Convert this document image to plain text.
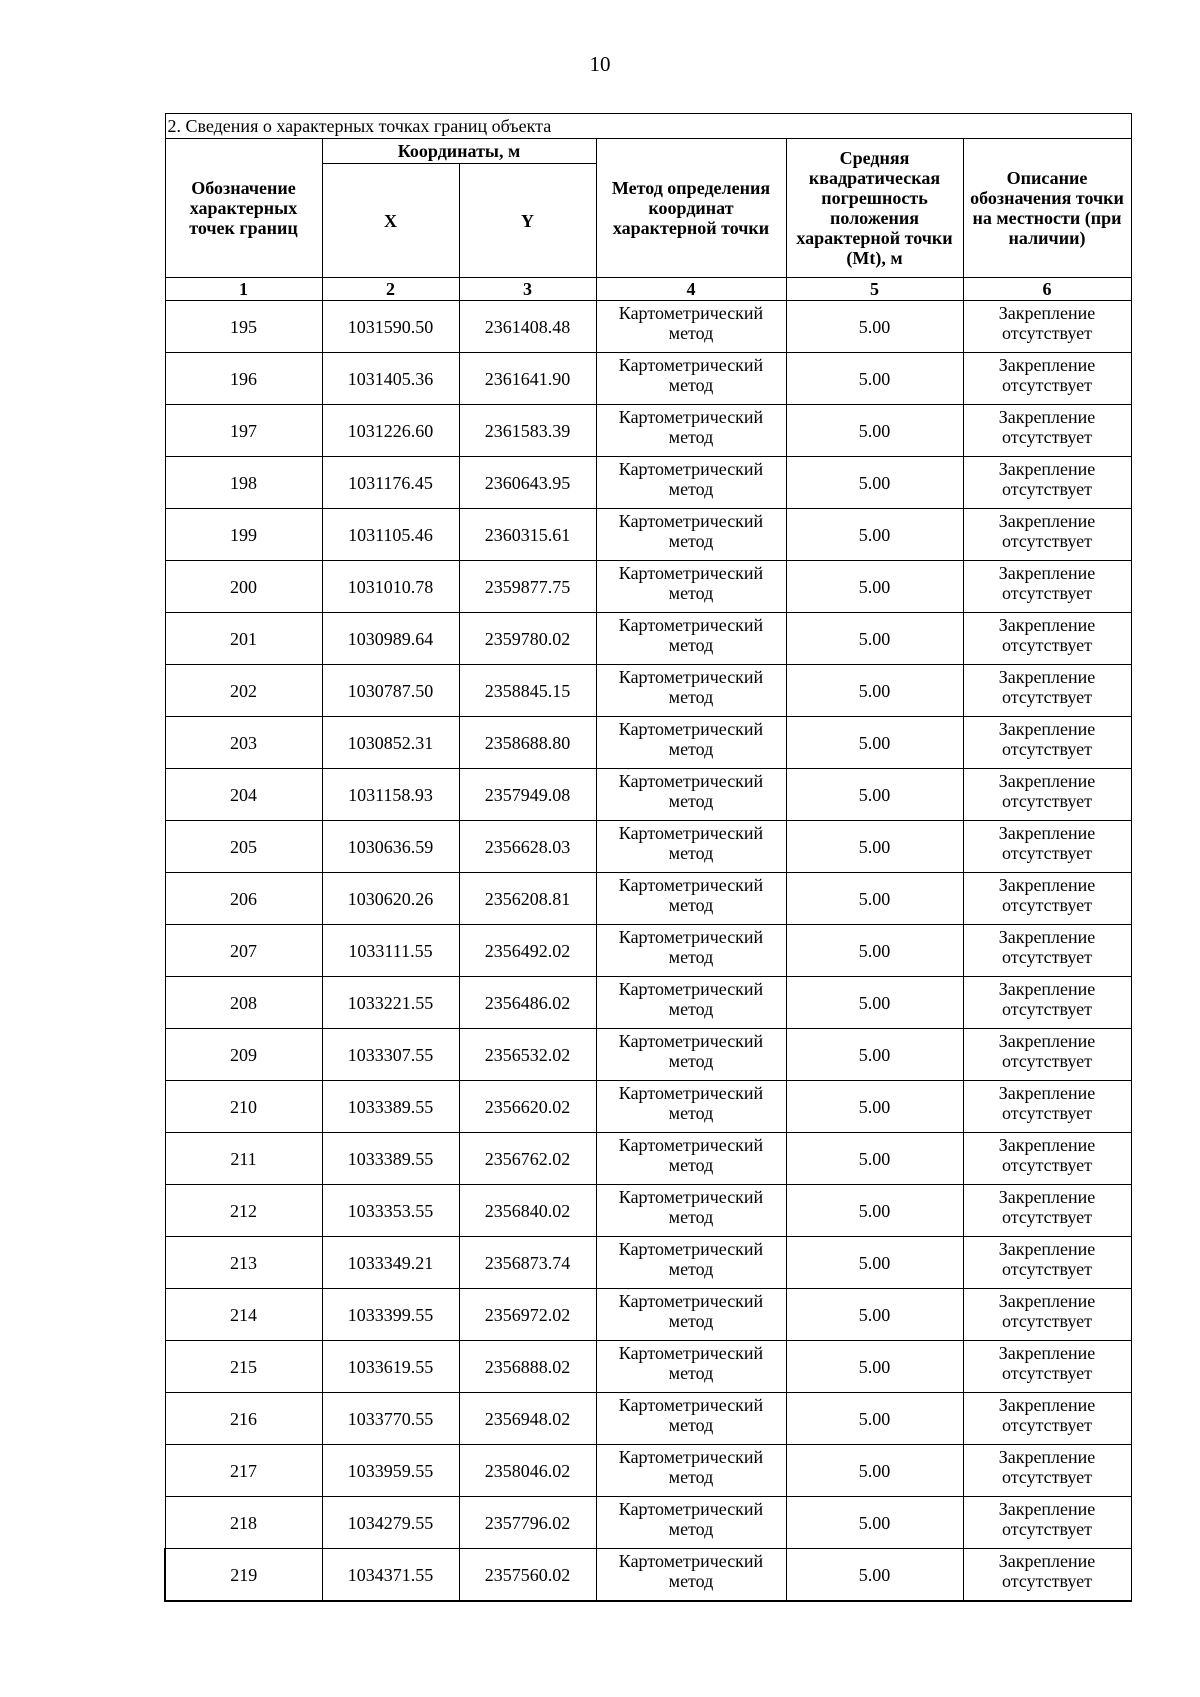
10
2. Сведения о характерных точках границ объекта					
Обозначение характерных точек границ	Координаты, м		Метод определения координат характерной точки	Средняя квадратическая погрешность положения характерной точки (Mt), м	Описание обозначения точки на местности (при наличии)
	X	Y			
1	2	3	4	5	6
195	1031590.50	2361408.48	Картометрический метод	5.00	Закрепление отсутствует
196	1031405.36	2361641.90	Картометрический метод	5.00	Закрепление отсутствует
197	1031226.60	2361583.39	Картометрический метод	5.00	Закрепление отсутствует
198	1031176.45	2360643.95	Картометрический метод	5.00	Закрепление отсутствует
199	1031105.46	2360315.61	Картометрический метод	5.00	Закрепление отсутствует
200	1031010.78	2359877.75	Картометрический метод	5.00	Закрепление отсутствует
201	1030989.64	2359780.02	Картометрический метод	5.00	Закрепление отсутствует
202	1030787.50	2358845.15	Картометрический метод	5.00	Закрепление отсутствует
203	1030852.31	2358688.80	Картометрический метод	5.00	Закрепление отсутствует
204	1031158.93	2357949.08	Картометрический метод	5.00	Закрепление отсутствует
205	1030636.59	2356628.03	Картометрический метод	5.00	Закрепление отсутствует
206	1030620.26	2356208.81	Картометрический метод	5.00	Закрепление отсутствует
207	1033111.55	2356492.02	Картометрический метод	5.00	Закрепление отсутствует
208	1033221.55	2356486.02	Картометрический метод	5.00	Закрепление отсутствует
209	1033307.55	2356532.02	Картометрический метод	5.00	Закрепление отсутствует
210	1033389.55	2356620.02	Картометрический метод	5.00	Закрепление отсутствует
211	1033389.55	2356762.02	Картометрический метод	5.00	Закрепление отсутствует
212	1033353.55	2356840.02	Картометрический метод	5.00	Закрепление отсутствует
213	1033349.21	2356873.74	Картометрический метод	5.00	Закрепление отсутствует
214	1033399.55	2356972.02	Картометрический метод	5.00	Закрепление отсутствует
215	1033619.55	2356888.02	Картометрический метод	5.00	Закрепление отсутствует
216	1033770.55	2356948.02	Картометрический метод	5.00	Закрепление отсутствует
217	1033959.55	2358046.02	Картометрический метод	5.00	Закрепление отсутствует
218	1034279.55	2357796.02	Картометрический метод	5.00	Закрепление отсутствует
219	1034371.55	2357560.02	Картометрический метод	5.00	Закрепление отсутствует
